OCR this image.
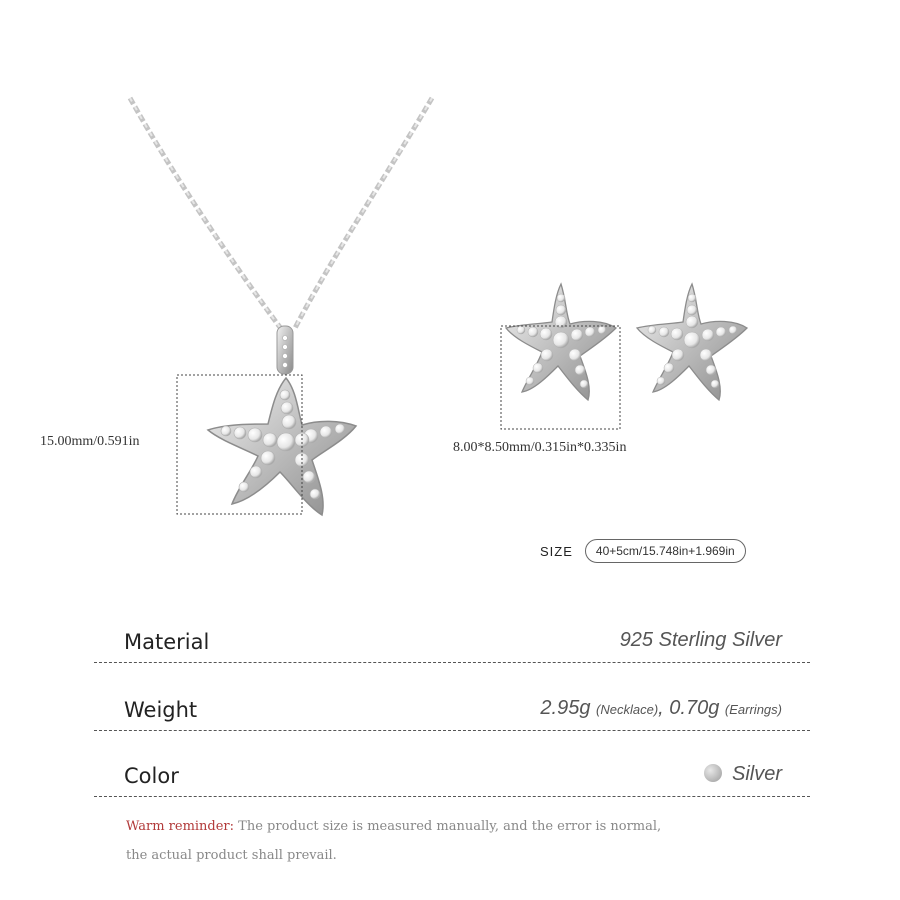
15.00mm/0.591in	8.00*8.50mm/0.315in*0.335in
SIZE	40+5cm/15.748in+1.969in
Material	925 Sterling Silver
Weight	2.95g (Necklace), 0.70g (Earrings)
Color	Silver
Warm reminder: The product size is measured manually, and the error is normal,
the actual product shall prevail.
